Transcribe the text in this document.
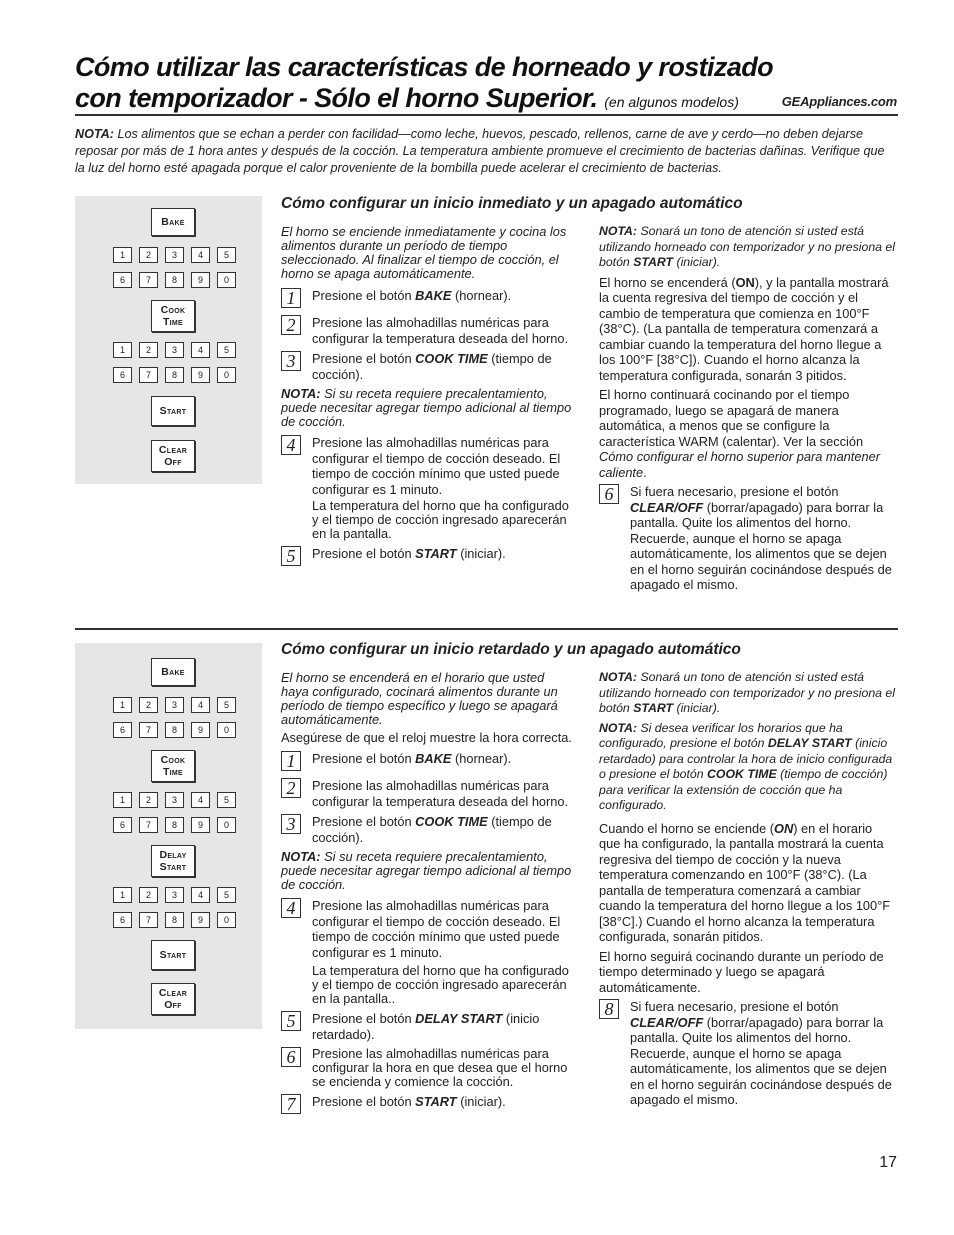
Cómo utilizar las características de horneado y rostizado
con temporizador - Sólo el horno Superior. (en algunos modelos)	GEAppliances.com
NOTA: Los alimentos que se echan a perder con facilidad—como leche, huevos, pescado, rellenos, carne de ave y cerdo—no deben dejarse reposar por más de 1 hora antes y después de la cocción. La temperatura ambiente promueve el crecimiento de bacterias dañinas. Verifique que la luz del horno esté apagada porque el calor proveniente de la bombilla puede acelerar el crecimiento de bacterias.
Bake
1	2	3	4	5
6	7	8	9	0
Cook
Time
1	2	3	4	5
6	7	8	9	0
Start
Clear
Off
Cómo configurar un inicio inmediato y un apagado automático

El horno se enciende inmediatamente y cocina los alimentos durante un período de tiempo seleccionado. Al finalizar el tiempo de cocción, el horno se apaga automáticamente.

1	Presione el botón BAKE (hornear).
2	Presione las almohadillas numéricas para configurar la temperatura deseada del horno.
3	Presione el botón COOK TIME (tiempo de cocción).

NOTA: Si su receta requiere precalentamiento, puede necesitar agregar tiempo adicional al tiempo de cocción.

4	Presione las almohadillas numéricas para configurar el tiempo de cocción deseado. El tiempo de cocción mínimo que usted puede configurar es 1 minuto.
La temperatura del horno que ha configurado y el tiempo de cocción ingresado aparecerán en la pantalla.
5	Presione el botón START (iniciar).

NOTA: Sonará un tono de atención si usted está utilizando horneado con temporizador y no presiona el botón START (iniciar).

El horno se encenderá (ON), y la pantalla mostrará la cuenta regresiva del tiempo de cocción y el cambio de temperatura que comienza en 100°F (38°C). (La pantalla de temperatura comenzará a cambiar cuando la temperatura del horno llegue a los 100°F [38°C]). Cuando el horno alcanza la temperatura configurada, sonarán 3 pitidos.

El horno continuará cocinando por el tiempo programado, luego se apagará de manera automática, a menos que se configure la característica WARM (calentar). Ver la sección Cómo configurar el horno superior para mantener caliente.

6	Si fuera necesario, presione el botón CLEAR/OFF (borrar/apagado) para borrar la pantalla. Quite los alimentos del horno. Recuerde, aunque el horno se apaga automáticamente, los alimentos que se dejen en el horno seguirán cocinándose después de apagado el mismo.
Bake
1	2	3	4	5
6	7	8	9	0
Cook
Time
1	2	3	4	5
6	7	8	9	0
Delay
Start
1	2	3	4	5
6	7	8	9	0
Start
Clear
Off
Cómo configurar un inicio retardado y un apagado automático

El horno se encenderá en el horario que usted haya configurado, cocinará alimentos durante un período de tiempo específico y luego se apagará automáticamente.

Asegúrese de que el reloj muestre la hora correcta.

1	Presione el botón BAKE (hornear).
2	Presione las almohadillas numéricas para configurar la temperatura deseada del horno.
3	Presione el botón COOK TIME (tiempo de cocción).

NOTA: Si su receta requiere precalentamiento, puede necesitar agregar tiempo adicional al tiempo de cocción.

4	Presione las almohadillas numéricas para configurar el tiempo de cocción deseado. El tiempo de cocción mínimo que usted puede configurar es 1 minuto.
La temperatura del horno que ha configurado y el tiempo de cocción ingresado aparecerán en la pantalla..
5	Presione el botón DELAY START (inicio retardado).
6	Presione las almohadillas numéricas para configurar la hora en que desea que el horno se encienda y comience la cocción.
7	Presione el botón START (iniciar).

NOTA: Sonará un tono de atención si usted está utilizando horneado con temporizador y no presiona el botón START (iniciar).

NOTA: Si desea verificar los horarios que ha configurado, presione el botón DELAY START (inicio retardado) para controlar la hora de inicio configurada o presione el botón COOK TIME (tiempo de cocción) para verificar la extensión de cocción que ha configurado.

Cuando el horno se enciende (ON) en el horario que ha configurado, la pantalla mostrará la cuenta regresiva del tiempo de cocción y la nueva temperatura comenzando en 100°F (38°C). (La pantalla de temperatura comenzará a cambiar cuando la temperatura del horno llegue a los 100°F [38°C].) Cuando el horno alcanza la temperatura configurada, sonarán pitidos.

El horno seguirá cocinando durante un período de tiempo determinado y luego se apagará automáticamente.

8	Si fuera necesario, presione el botón CLEAR/OFF (borrar/apagado) para borrar la pantalla. Quite los alimentos del horno. Recuerde, aunque el horno se apaga automáticamente, los alimentos que se dejen en el horno seguirán cocinándose después de apagado el mismo.
17
